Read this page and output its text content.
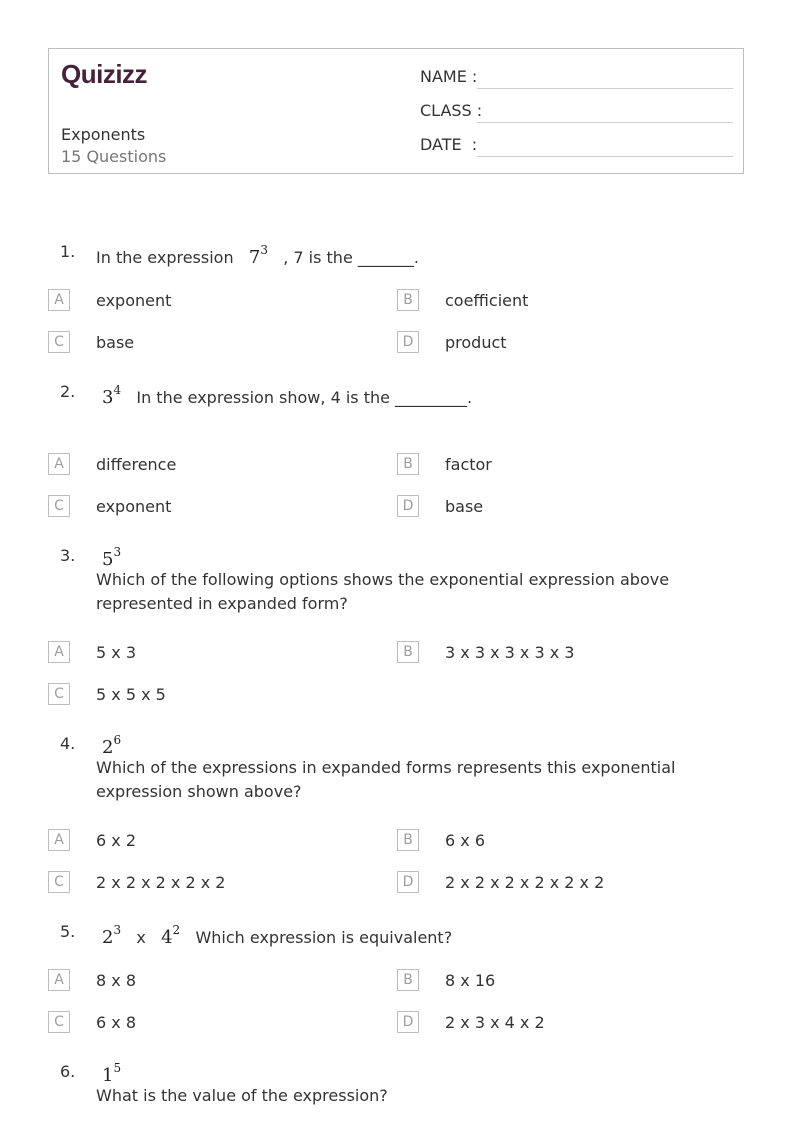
Quizizz
Exponents
15 Questions
NAME :
CLASS :
DATE  :
1. In the expression $7^3$ , 7 is the _______.
A	exponent	B	coefficient
C	base	D	product
2. $3^4$ In the expression show, 4 is the _________.
A	difference	B	factor
C	exponent	D	base
3. $5^3$
Which of the following options shows the exponential expression above represented in expanded form?
A	5 x 3	B	3 x 3 x 3 x 3 x 3
C	5 x 5 x 5
4. $2^6$
Which of the expressions in expanded forms represents this exponential expression shown above?
A	6 x 2	B	6 x 6
C	2 x 2 x 2 x 2 x 2	D	2 x 2 x 2 x 2 x 2 x 2
5. $2^3$ x $4^2$ Which expression is equivalent?
A	8 x 8	B	8 x 16
C	6 x 8	D	2 x 3 x 4 x 2
6. $1^5$
What is the value of the expression?
